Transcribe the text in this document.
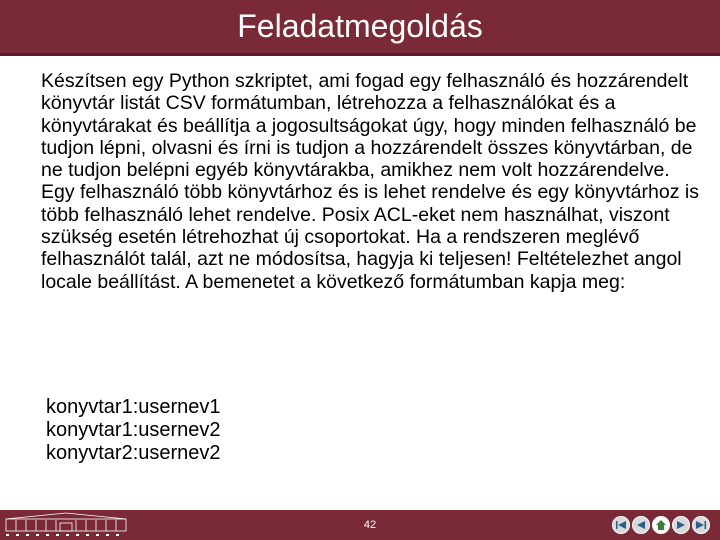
Feladatmegoldás

Készítsen egy Python szkriptet, ami fogad egy felhasználó és hozzárendelt könyvtár listát CSV formátumban, létrehozza a felhasználókat és a könyvtárakat és beállítja a jogosultságokat úgy, hogy minden felhasználó be tudjon lépni, olvasni és írni is tudjon a hozzárendelt összes könyvtárban, de ne tudjon belépni egyéb könyvtárakba, amikhez nem volt hozzárendelve. Egy felhasználó több könyvtárhoz és is lehet rendelve és egy könyvtárhoz is több felhasználó lehet rendelve. Posix ACL-eket nem használhat, viszont szükség esetén létrehozhat új csoportokat. Ha a rendszeren meglévő felhasználót talál, azt ne módosítsa, hagyja ki teljesen! Feltételezhet angol locale beállítást. A bemenetet a következő formátumban kapja meg:

konyvtar1:usernev1
konyvtar1:usernev2
konyvtar2:usernev2
42
